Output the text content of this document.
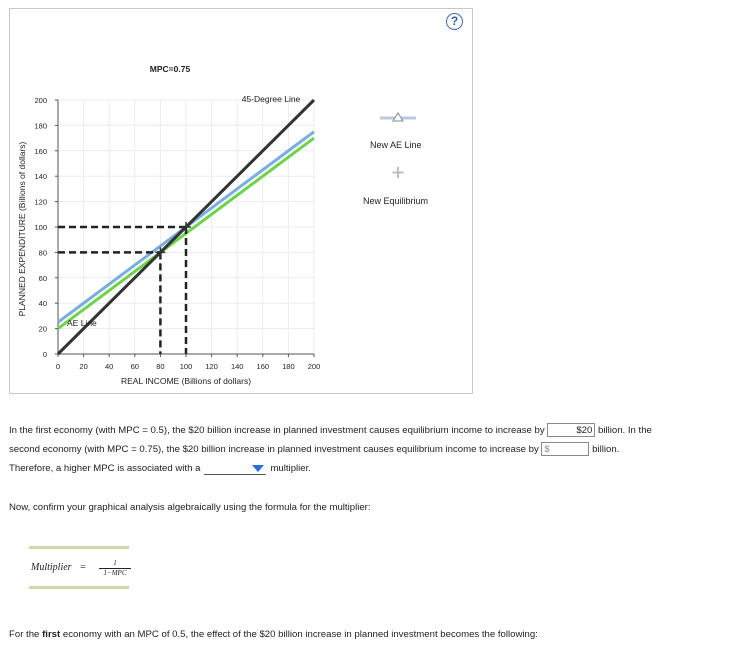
?
0	20 40 60 80 100 120 140 160 180 200
0
20
40
60
80
100
120
140
160
180
200
MPC=0.75
REAL INCOME (Billions of dollars)
PLANNED EXPENDITURE (Billions of dollars)
45-Degree Line
AE Line
New AE Line
New Equilibrium
In the first economy (with MPC = 0.5), the $20 billion increase in planned investment causes equilibrium income to increase by	$20 billion. In the
second economy (with MPC = 0.75), the $20 billion increase in planned investment causes equilibrium income to increase by $	billion.
Therefore, a higher MPC is associated with a	multiplier.
Now, confirm your graphical analysis algebraically using the formula for the multiplier:
Multiplier =	1
1−MPC
For the first economy with an MPC of 0.5, the effect of the $20 billion increase in planned investment becomes the following:
